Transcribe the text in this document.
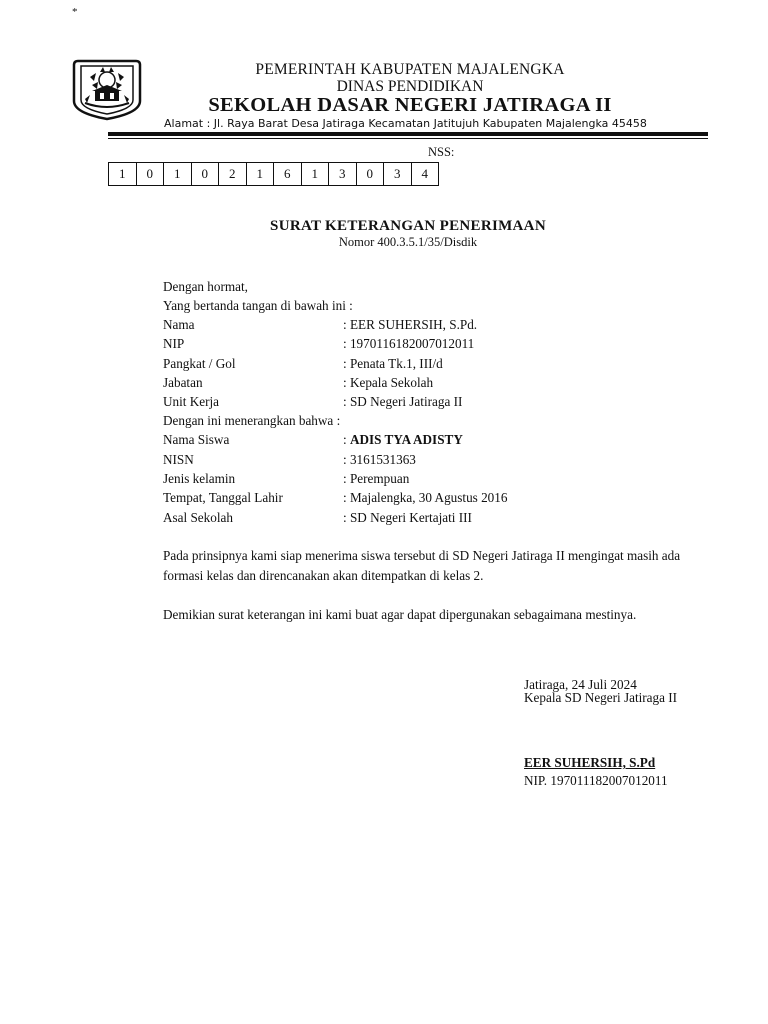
*
PEMERINTAH KABUPATEN MAJALENGKA
DINAS PENDIDIKAN
SEKOLAH DASAR NEGERI JATIRAGA II
Alamat : Jl. Raya Barat Desa Jatiraga Kecamatan Jatitujuh Kabupaten Majalengka 45458
NSS:
1	0	1	0	2	1	6	1	3	0	3	4
SURAT KETERANGAN PENERIMAAN
Nomor 400.3.5.1/35/Disdik
Dengan hormat,
Yang bertanda tangan di bawah ini :
Nama	: EER SUHERSIH, S.Pd.
NIP	: 1970116182007012011
Pangkat / Gol	: Penata Tk.1, III/d
Jabatan	: Kepala Sekolah
Unit Kerja	: SD Negeri Jatiraga II
Dengan ini menerangkan bahwa :
Nama Siswa	: ADIS TYA ADISTY
NISN	: 3161531363
Jenis kelamin	: Perempuan
Tempat, Tanggal Lahir	: Majalengka, 30 Agustus 2016
Asal Sekolah	: SD Negeri Kertajati III
Pada prinsipnya kami siap menerima siswa tersebut di SD Negeri Jatiraga II mengingat masih ada
formasi kelas dan direncanakan akan ditempatkan di kelas 2.
Demikian surat keterangan ini kami buat agar dapat dipergunakan sebagaimana mestinya.
Jatiraga, 24 Juli 2024
Kepala SD Negeri Jatiraga II
EER SUHERSIH, S.Pd
NIP. 197011182007012011
